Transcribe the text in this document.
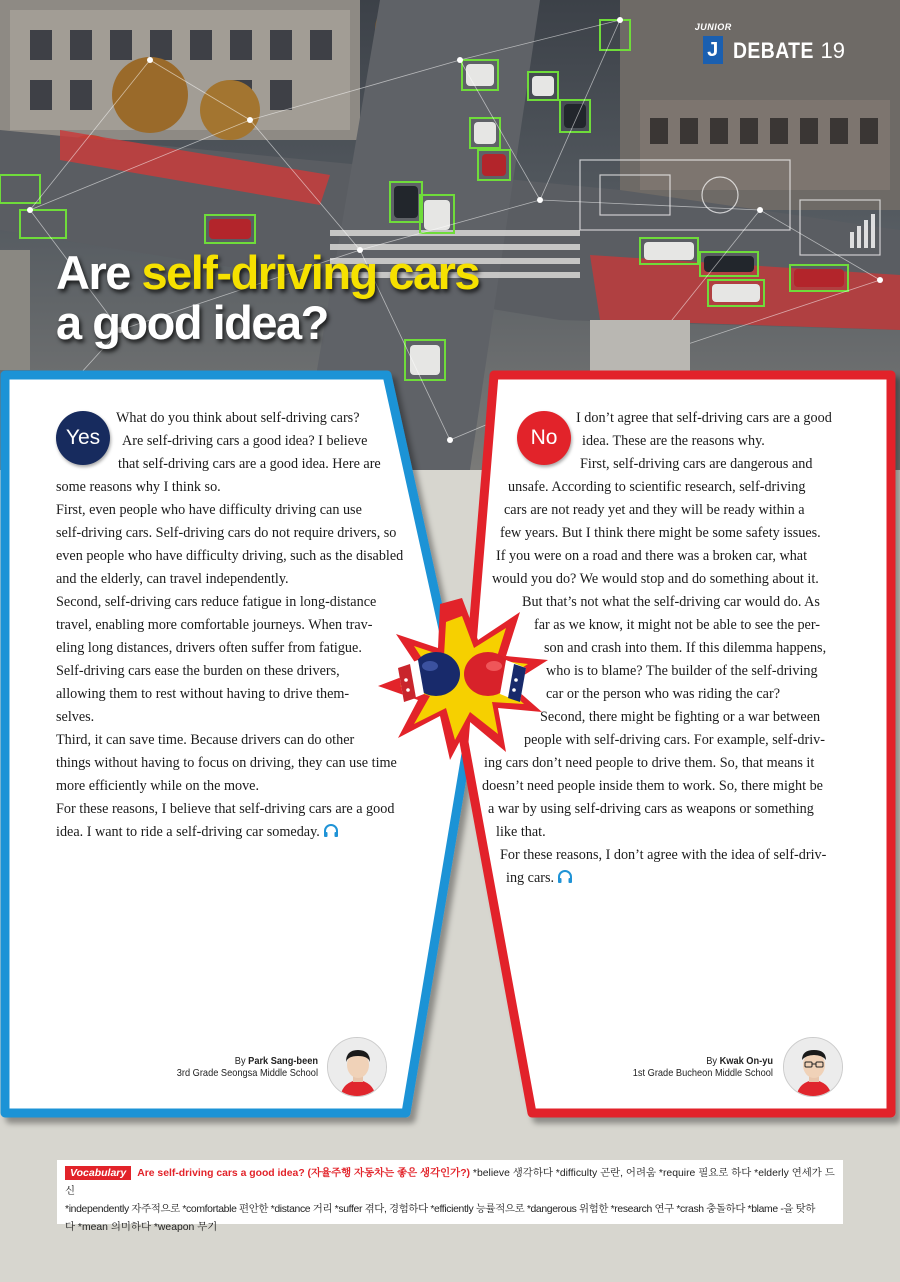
JUNIOR
J DEBATE 19
Are self-driving cars
a good idea?
Yes	No
What do you think about self-driving cars?
Are self-driving cars a good idea? I believe
that self-driving cars are a good idea. Here are
some reasons why I think so.
First, even people who have difficulty driving can use
self-driving cars. Self-driving cars do not require drivers, so
even people who have difficulty driving, such as the disabled
and the elderly, can travel independently.
Second, self-driving cars reduce fatigue in long-distance
travel, enabling more comfortable journeys. When trav-
eling long distances, drivers often suffer from fatigue.
Self-driving cars ease the burden on these drivers,
allowing them to rest without having to drive them-
selves.
Third, it can save time. Because drivers can do other
things without having to focus on driving, they can use time
more efficiently while on the move.
For these reasons, I believe that self-driving cars are a good
idea. I want to ride a self-driving car someday.
I don’t agree that self-driving cars are a good
idea. These are the reasons why.
First, self-driving cars are dangerous and
unsafe. According to scientific research, self-driving
cars are not ready yet and they will be ready within a
few years. But I think there might be some safety issues.
If you were on a road and there was a broken car, what
would you do? We would stop and do something about it.
But that’s not what the self-driving car would do. As
far as we know, it might not be able to see the per-
son and crash into them. If this dilemma happens,
who is to blame? The builder of the self-driving
car or the person who was riding the car?
Second, there might be fighting or a war between
people with self-driving cars. For example, self-driv-
ing cars don’t need people to drive them. So, that means it
doesn’t need people inside them to work. So, there might be
a war by using self-driving cars as weapons or something
like that.
For these reasons, I don’t agree with the idea of self-driv-
ing cars.
By Park Sang-been
3rd Grade Seongsa Middle School
By Kwak On-yu
1st Grade Bucheon Middle School
Vocabulary Are self-driving cars a good idea? (자율주행 자동차는 좋은 생각인가?) *believe 생각하다 *difficulty 곤란, 어려움 *require 필요로 하다 *elderly 연세가 드신
*independently 자주적으로 *comfortable 편안한 *distance 거리 *suffer 겪다, 경험하다 *efficiently 능률적으로 *dangerous 위험한 *research 연구 *crash 충돌하다 *blame -을 탓하
다 *mean 의미하다 *weapon 무기
